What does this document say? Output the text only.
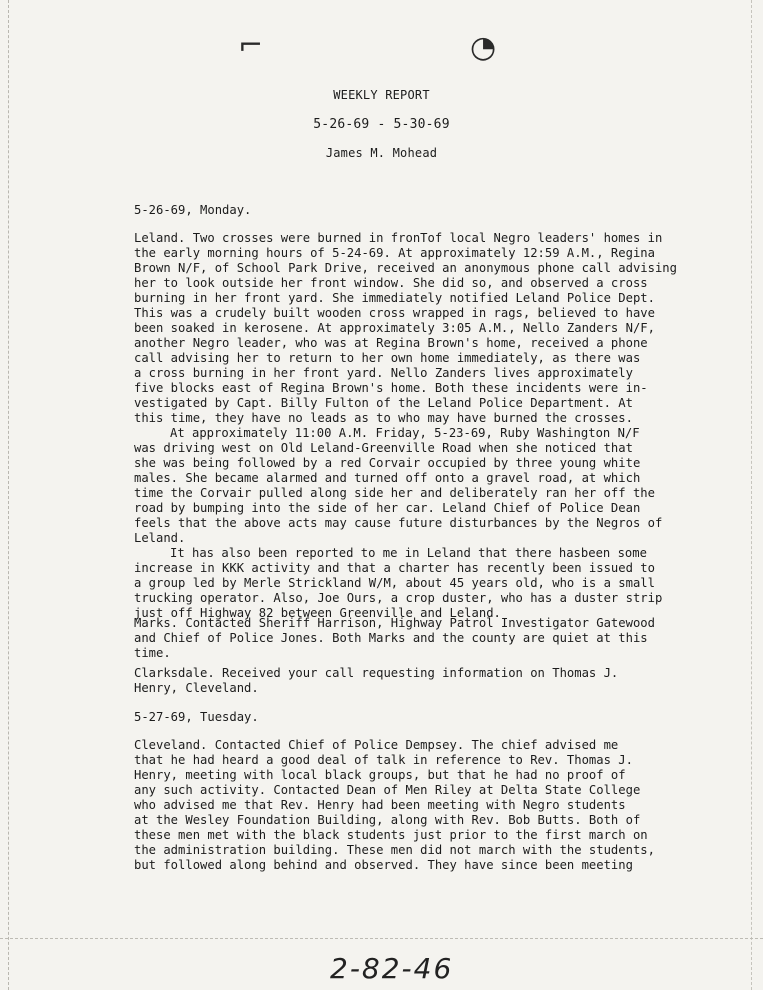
⌐	◔
WEEKLY REPORT
5-26-69 - 5-30-69
James M. Mohead
5-26-69, Monday.
Leland. Two crosses were burned in fronTof local Negro leaders' homes in
the early morning hours of 5-24-69. At approximately 12:59 A.M., Regina
Brown N/F, of School Park Drive, received an anonymous phone call advising
her to look outside her front window. She did so, and observed a cross
burning in her front yard. She immediately notified Leland Police Dept.
This was a crudely built wooden cross wrapped in rags, believed to have
been soaked in kerosene. At approximately 3:05 A.M., Nello Zanders N/F,
another Negro leader, who was at Regina Brown's home, received a phone
call advising her to return to her own home immediately, as there was
a cross burning in her front yard. Nello Zanders lives approximately
five blocks east of Regina Brown's home. Both these incidents were in-
vestigated by Capt. Billy Fulton of the Leland Police Department. At
this time, they have no leads as to who may have burned the crosses.
At approximately 11:00 A.M. Friday, 5-23-69, Ruby Washington N/F
was driving west on Old Leland-Greenville Road when she noticed that
she was being followed by a red Corvair occupied by three young white
males. She became alarmed and turned off onto a gravel road, at which
time the Corvair pulled along side her and deliberately ran her off the
road by bumping into the side of her car. Leland Chief of Police Dean
feels that the above acts may cause future disturbances by the Negros of
Leland.
It has also been reported to me in Leland that there hasbeen some
increase in KKK activity and that a charter has recently been issued to
a group led by Merle Strickland W/M, about 45 years old, who is a small
trucking operator. Also, Joe Ours, a crop duster, who has a duster strip
just off Highway 82 between Greenville and Leland.
Marks. Contacted Sheriff Harrison, Highway Patrol Investigator Gatewood
and Chief of Police Jones. Both Marks and the county are quiet at this
time.
Clarksdale. Received your call requesting information on Thomas J.
Henry, Cleveland.
5-27-69, Tuesday.
Cleveland. Contacted Chief of Police Dempsey. The chief advised me
that he had heard a good deal of talk in reference to Rev. Thomas J.
Henry, meeting with local black groups, but that he had no proof of
any such activity. Contacted Dean of Men Riley at Delta State College
who advised me that Rev. Henry had been meeting with Negro students
at the Wesley Foundation Building, along with Rev. Bob Butts. Both of
these men met with the black students just prior to the first march on
the administration building. These men did not march with the students,
but followed along behind and observed. They have since been meeting
2-82-46
